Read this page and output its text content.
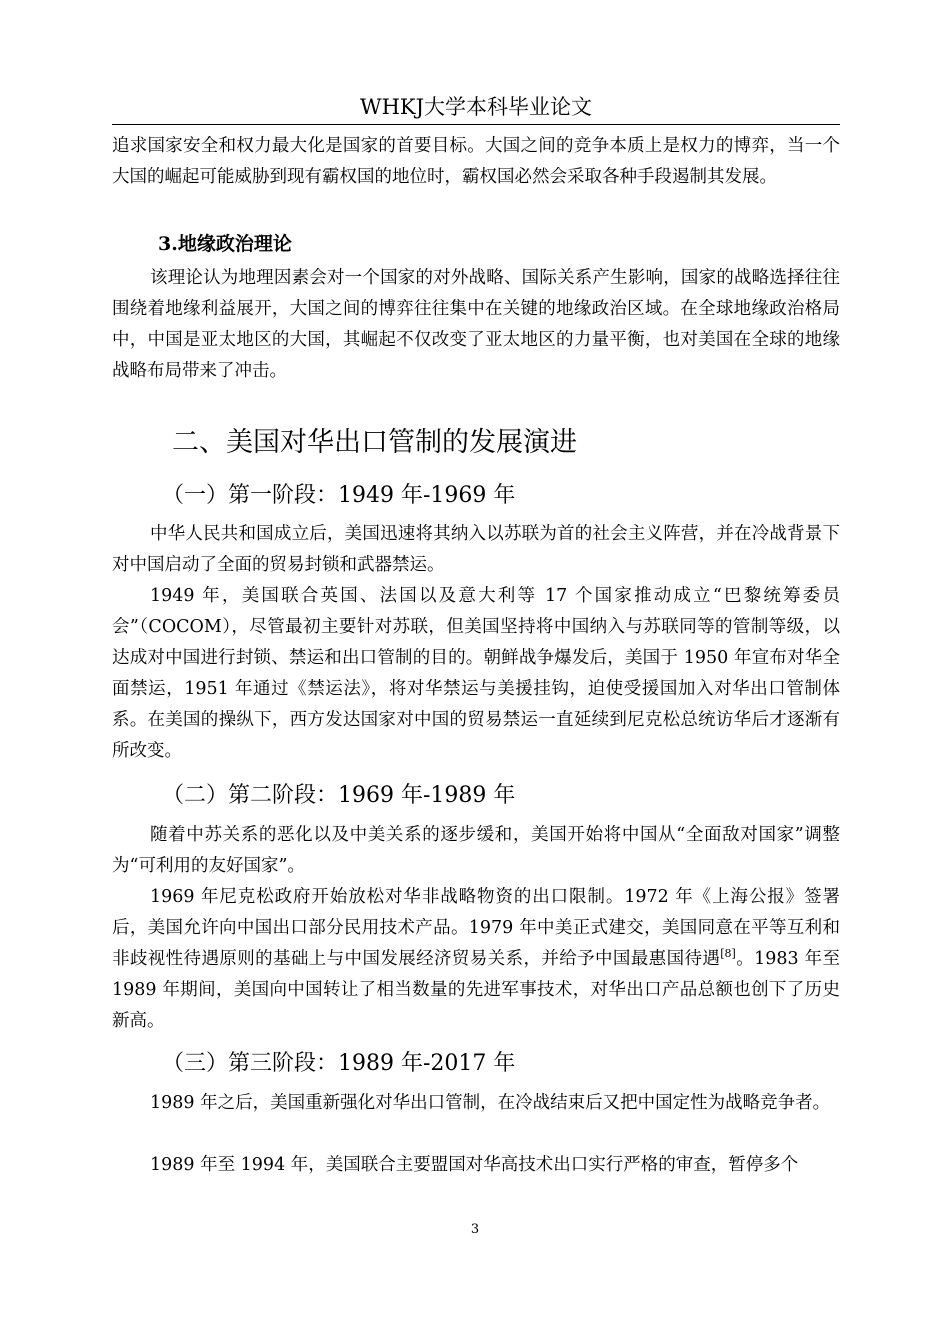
WHKJ大学本科毕业论文
追求国家安全和权力最大化是国家的首要目标。大国之间的竞争本质上是权力的博弈，当一个大国的崛起可能威胁到现有霸权国的地位时，霸权国必然会采取各种手段遏制其发展。
3.地缘政治理论
该理论认为地理因素会对一个国家的对外战略、国际关系产生影响，国家的战略选择往往围绕着地缘利益展开，大国之间的博弈往往集中在关键的地缘政治区域。在全球地缘政治格局中，中国是亚太地区的大国，其崛起不仅改变了亚太地区的力量平衡，也对美国在全球的地缘战略布局带来了冲击。
二、美国对华出口管制的发展演进
（一）第一阶段：1949 年-1969 年
中华人民共和国成立后，美国迅速将其纳入以苏联为首的社会主义阵营，并在冷战背景下对中国启动了全面的贸易封锁和武器禁运。
1949 年，美国联合英国、法国以及意大利等 17 个国家推动成立“巴黎统筹委员会”（COCOM），尽管最初主要针对苏联，但美国坚持将中国纳入与苏联同等的管制等级，以达成对中国进行封锁、禁运和出口管制的目的。朝鲜战争爆发后，美国于 1950 年宣布对华全面禁运，1951 年通过《禁运法》，将对华禁运与美援挂钩，迫使受援国加入对华出口管制体系。在美国的操纵下，西方发达国家对中国的贸易禁运一直延续到尼克松总统访华后才逐渐有所改变。
（二）第二阶段：1969 年-1989 年
随着中苏关系的恶化以及中美关系的逐步缓和，美国开始将中国从“全面敌对国家”调整为“可利用的友好国家”。
1969 年尼克松政府开始放松对华非战略物资的出口限制。1972 年《上海公报》签署后，美国允许向中国出口部分民用技术产品。1979 年中美正式建交，美国同意在平等互利和非歧视性待遇原则的基础上与中国发展经济贸易关系，并给予中国最惠国待遇[8]。1983 年至 1989 年期间，美国向中国转让了相当数量的先进军事技术，对华出口产品总额也创下了历史新高。
（三）第三阶段：1989 年-2017 年
1989 年之后，美国重新强化对华出口管制，在冷战结束后又把中国定性为战略竞争者。
1989 年至 1994 年，美国联合主要盟国对华高技术出口实行严格的审查，暂停多个
3
